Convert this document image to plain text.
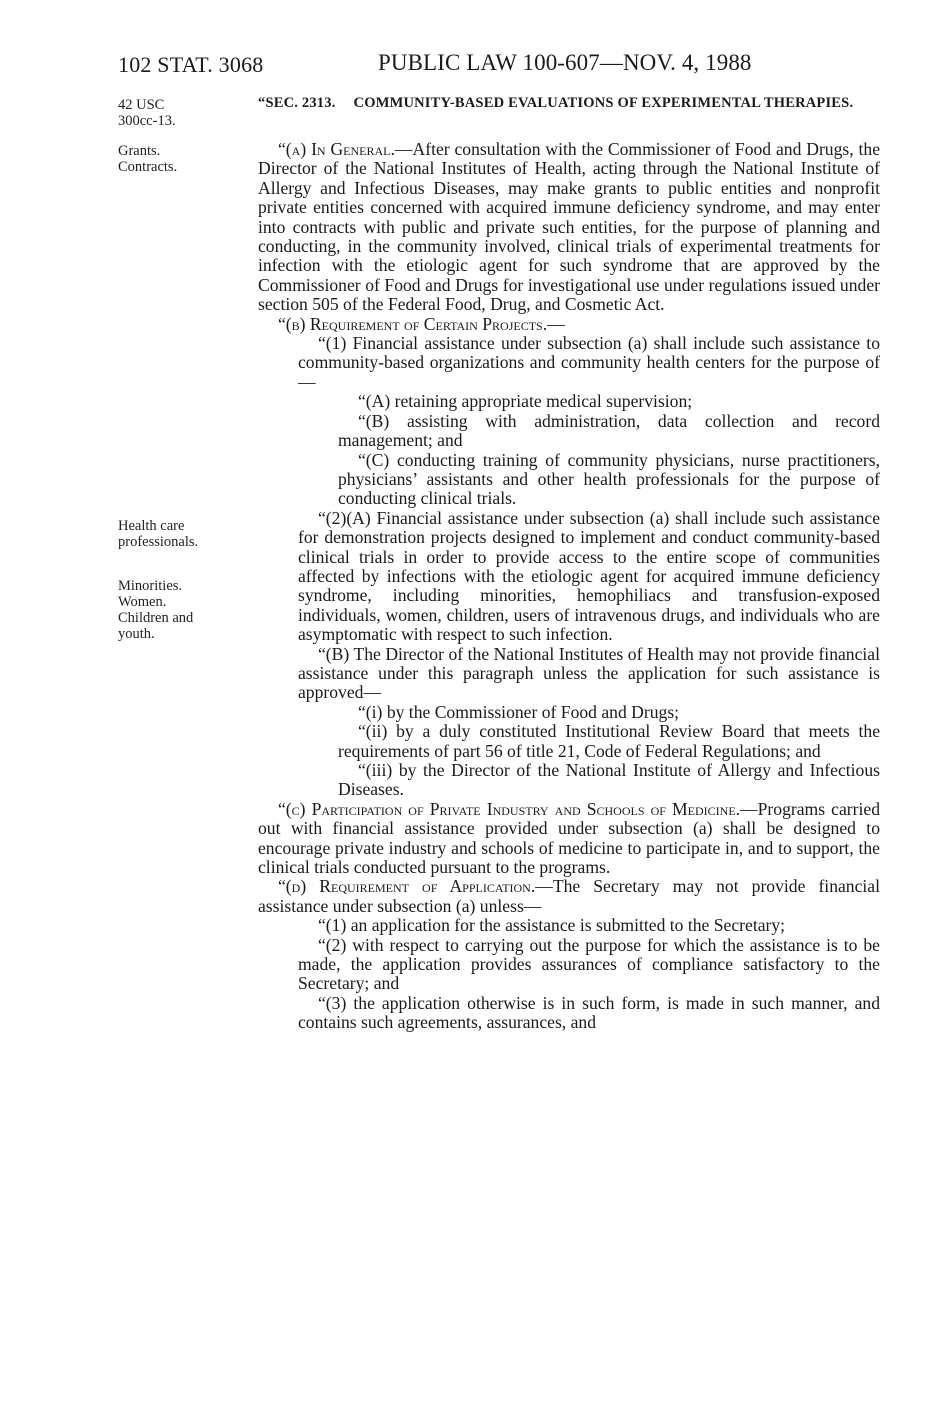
102 STAT. 3068	PUBLIC LAW 100-607—NOV. 4, 1988
42 USC
300cc-13.
Grants.
Contracts.
Health care
professionals.
Minorities.
Women.
Children and
youth.
“SEC. 2313.	COMMUNITY-BASED EVALUATIONS OF EXPERIMENTAL THERAPIES.

“(a) In General.—After consultation with the Commissioner of Food and Drugs, the Director of the National Institutes of Health, acting through the National Institute of Allergy and Infectious Diseases, may make grants to public entities and nonprofit private entities concerned with acquired immune deficiency syndrome, and may enter into contracts with public and private such entities, for the purpose of planning and conducting, in the community involved, clinical trials of experimental treatments for infection with the etiologic agent for such syndrome that are approved by the Commissioner of Food and Drugs for investigational use under regulations issued under section 505 of the Federal Food, Drug, and Cosmetic Act.

“(b) Requirement of Certain Projects.—

“(1) Financial assistance under subsection (a) shall include such assistance to community-based organizations and community health centers for the purpose of—

“(A) retaining appropriate medical supervision;

“(B) assisting with administration, data collection and record management; and

“(C) conducting training of community physicians, nurse practitioners, physicians’ assistants and other health professionals for the purpose of conducting clinical trials.

“(2)(A) Financial assistance under subsection (a) shall include such assistance for demonstration projects designed to implement and conduct community-based clinical trials in order to provide access to the entire scope of communities affected by infections with the etiologic agent for acquired immune deficiency syndrome, including minorities, hemophiliacs and transfusion-exposed individuals, women, children, users of intravenous drugs, and individuals who are asymptomatic with respect to such infection.

“(B) The Director of the National Institutes of Health may not provide financial assistance under this paragraph unless the application for such assistance is approved—

“(i) by the Commissioner of Food and Drugs;

“(ii) by a duly constituted Institutional Review Board that meets the requirements of part 56 of title 21, Code of Federal Regulations; and

“(iii) by the Director of the National Institute of Allergy and Infectious Diseases.

“(c) Participation of Private Industry and Schools of Medicine.—Programs carried out with financial assistance provided under subsection (a) shall be designed to encourage private industry and schools of medicine to participate in, and to support, the clinical trials conducted pursuant to the programs.

“(d) Requirement of Application.—The Secretary may not provide financial assistance under subsection (a) unless—

“(1) an application for the assistance is submitted to the Secretary;

“(2) with respect to carrying out the purpose for which the assistance is to be made, the application provides assurances of compliance satisfactory to the Secretary; and

“(3) the application otherwise is in such form, is made in such manner, and contains such agreements, assurances, and
